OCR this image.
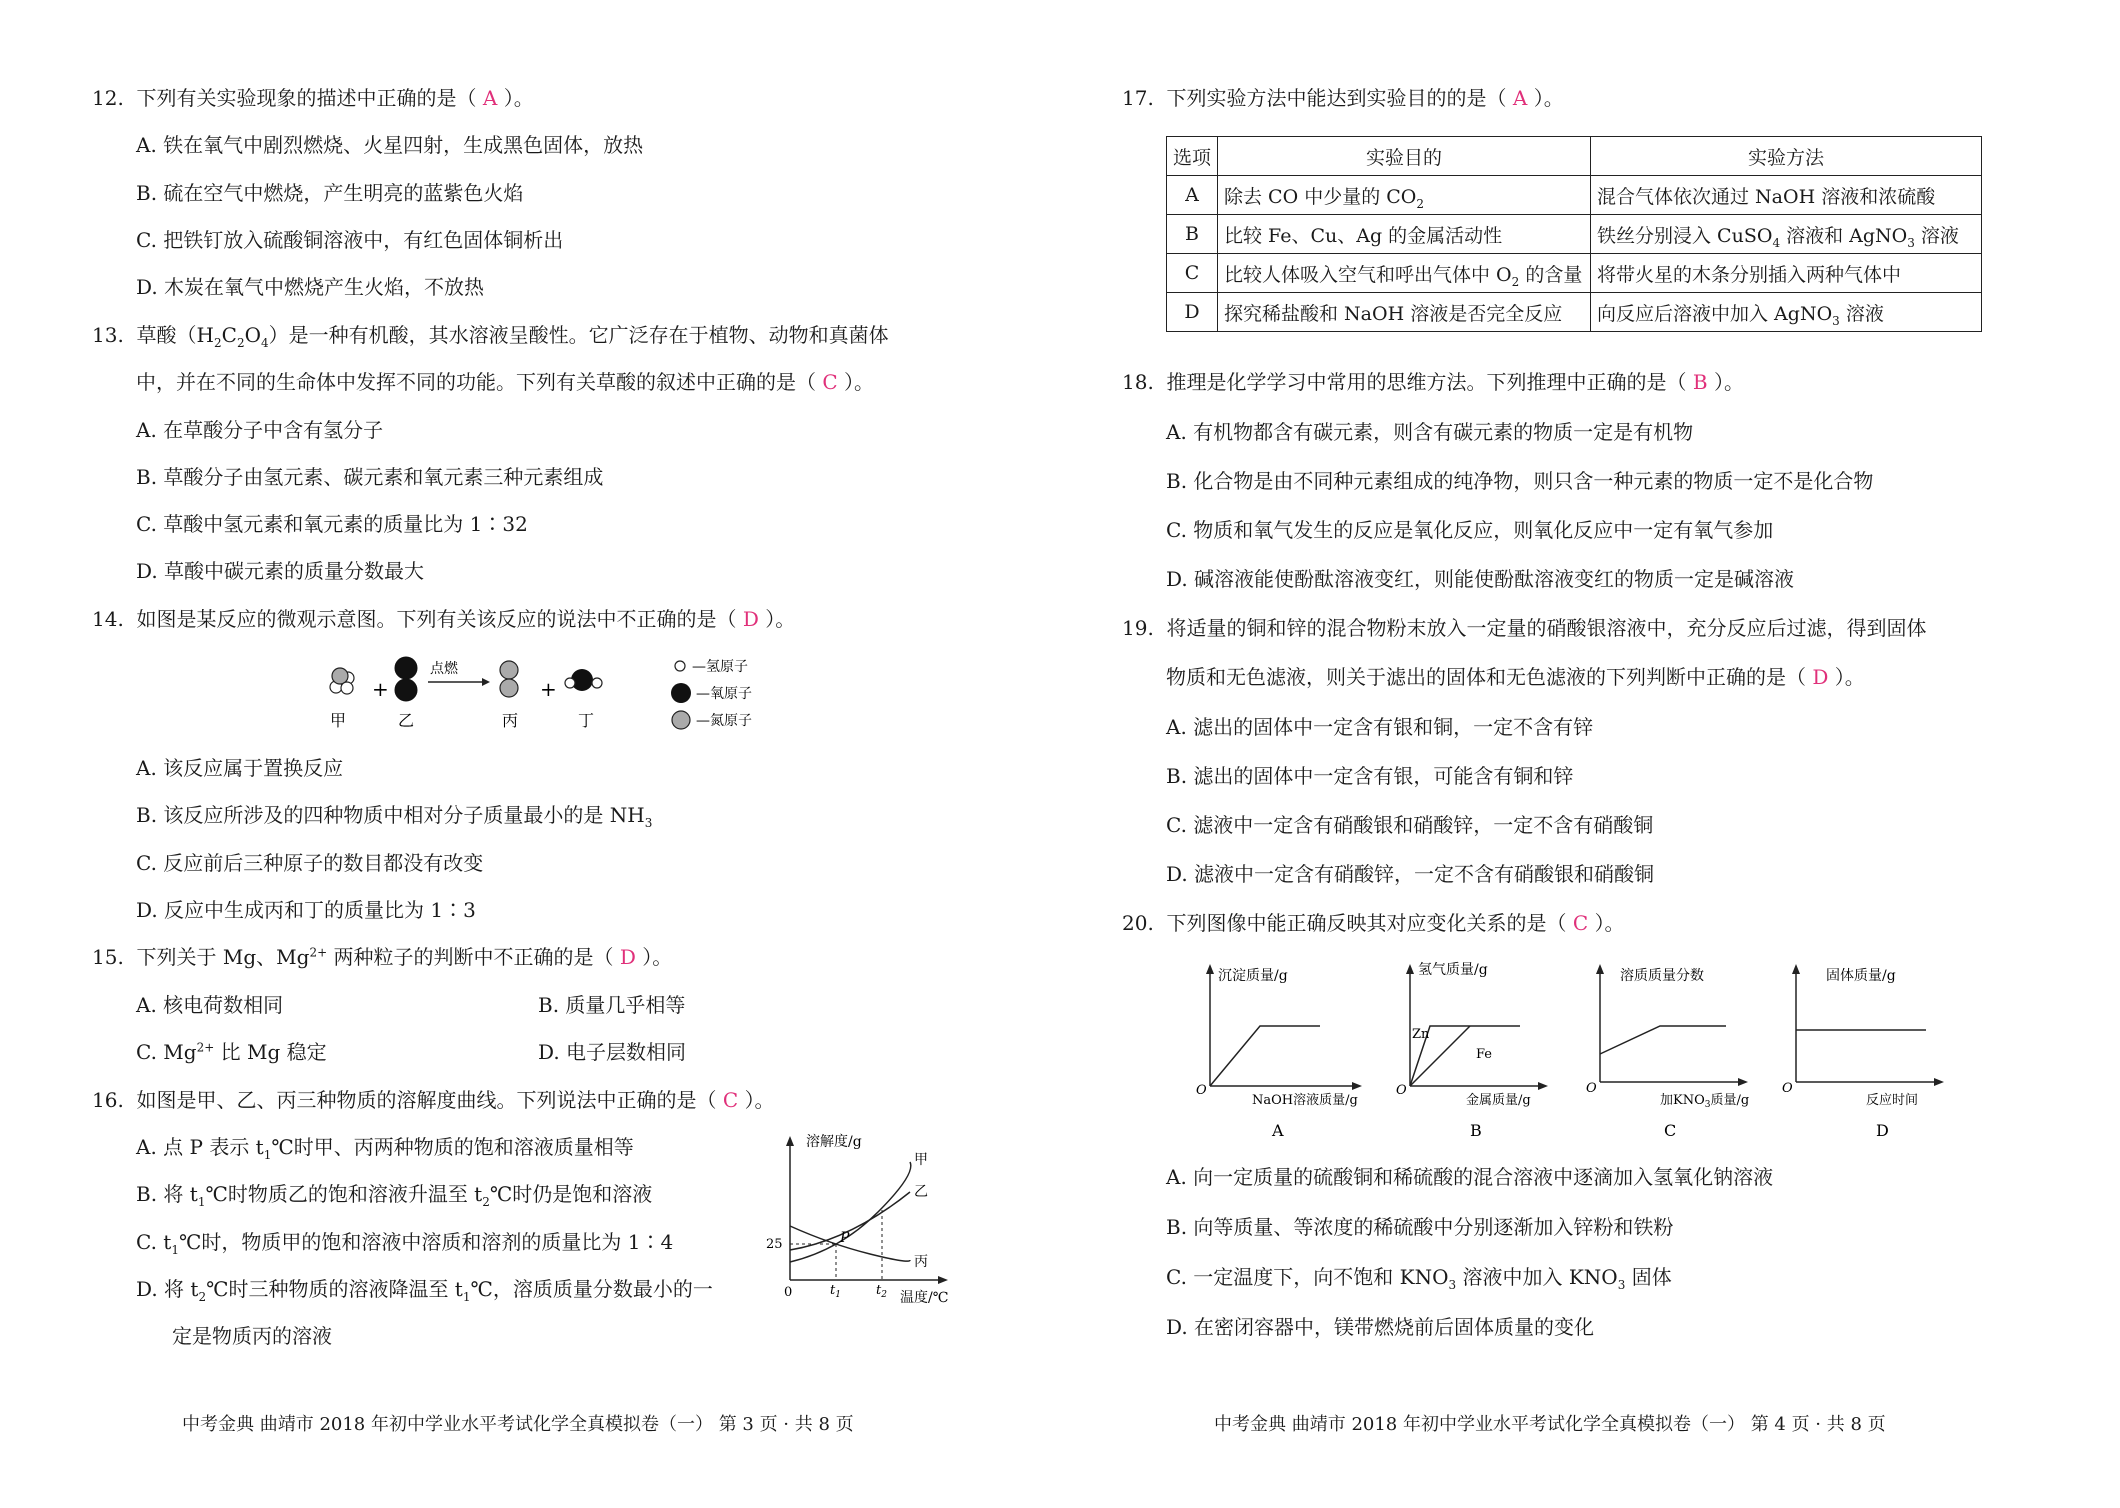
12. 下列有关实验现象的描述中正确的是（ A ）。
A. 铁在氧气中剧烈燃烧、火星四射，生成黑色固体，放热
B. 硫在空气中燃烧，产生明亮的蓝紫色火焰
C. 把铁钉放入硫酸铜溶液中，有红色固体铜析出
D. 木炭在氧气中燃烧产生火焰，不放热
13. 草酸$(H_2C_2O_4)$是一种有机酸，其水溶液呈酸性。它广泛存在于植物、动物和真菌体
中，并在不同的生命体中发挥不同的功能。下列有关草酸的叙述中正确的是（ C ）。
A. 在草酸分子中含有氢分子
B. 草酸分子由氢元素、碳元素和氧元素三种元素组成
C. 草酸中氢元素和氧元素的质量比为 1∶32
D. 草酸中碳元素的质量分数最大
14. 如图是某反应的微观示意图。下列有关该反应的说法中不正确的是（ D ）。
+
点燃
+
甲	乙	丙	丁
—氢原子
—氧原子
—氮原子
A. 该反应属于置换反应
B. 该反应所涉及的四种物质中相对分子质量最小的是 $NH_3$
C. 反应前后三种原子的数目都没有改变
D. 反应中生成丙和丁的质量比为 1∶3
15. 下列关于 Mg、$Mg^{2+}$ 两种粒子的判断中不正确的是（ D ）。
A. 核电荷数相同	B. 质量几乎相等
C. $Mg^{2+}$ 比 Mg 稳定	D. 电子层数相同
16. 如图是甲、乙、丙三种物质的溶解度曲线。下列说法中正确的是（ C ）。
A. 点 P 表示 $t_1℃$时甲、丙两种物质的饱和溶液质量相等
B. 将 $t_1℃$时物质乙的饱和溶液升温至 $t_2℃$时仍是饱和溶液
C. $t_1℃$时，物质甲的饱和溶液中溶质和溶剂的质量比为 1∶4
D. 将 $t_2℃$时三种物质的溶液降温至 $t_1℃$，溶质质量分数最小的一
定是物质丙的溶液
溶解度/g
温度/℃
0
25
$t_1$	$t_2$
甲
乙
丙
P
中考金典 曲靖市 2018 年初中学业水平考试化学全真模拟卷（一） 第 3 页 · 共 8 页
17. 下列实验方法中能达到实验目的的是（ A ）。
选项	实验目的	实验方法
A	除去 CO 中少量的 $CO_2$	混合气体依次通过 NaOH 溶液和浓硫酸
B	比较 Fe、Cu、Ag 的金属活动性	铁丝分别浸入 CuSO$_4$ 溶液和 AgNO$_3$ 溶液
C	比较人体吸入空气和呼出气体中 $O_2$ 的含量	将带火星的木条分别插入两种气体中
D	探究稀盐酸和 NaOH 溶液是否完全反应	向反应后溶液中加入 AgNO$_3$ 溶液
18. 推理是化学学习中常用的思维方法。下列推理中正确的是（ B ）。
A. 有机物都含有碳元素，则含有碳元素的物质一定是有机物
B. 化合物是由不同种元素组成的纯净物，则只含一种元素的物质一定不是化合物
C. 物质和氧气发生的反应是氧化反应，则氧化反应中一定有氧气参加
D. 碱溶液能使酚酞溶液变红，则能使酚酞溶液变红的物质一定是碱溶液
19. 将适量的铜和锌的混合物粉末放入一定量的硝酸银溶液中，充分反应后过滤，得到固体
物质和无色滤液，则关于滤出的固体和无色滤液的下列判断中正确的是（ D ）。
A. 滤出的固体中一定含有银和铜，一定不含有锌
B. 滤出的固体中一定含有银，可能含有铜和锌
C. 滤液中一定含有硝酸银和硝酸锌，一定不含有硝酸铜
D. 滤液中一定含有硝酸锌，一定不含有硝酸银和硝酸铜
20. 下列图像中能正确反映其对应变化关系的是（ C ）。
沉淀质量/g
NaOH溶液质量/g
O
A
氢气质量/g
金属质量/g
O
Zn
Fe
B
溶质质量分数
加$KNO_3$质量/g
O
C
固体质量/g
反应时间
O
D
A. 向一定质量的硫酸铜和稀硫酸的混合溶液中逐滴加入氢氧化钠溶液
B. 向等质量、等浓度的稀硫酸中分别逐渐加入锌粉和铁粉
C. 一定温度下，向不饱和 $KNO_3$ 溶液中加入 $KNO_3$ 固体
D. 在密闭容器中，镁带燃烧前后固体质量的变化
中考金典 曲靖市 2018 年初中学业水平考试化学全真模拟卷（一） 第 4 页 · 共 8 页
